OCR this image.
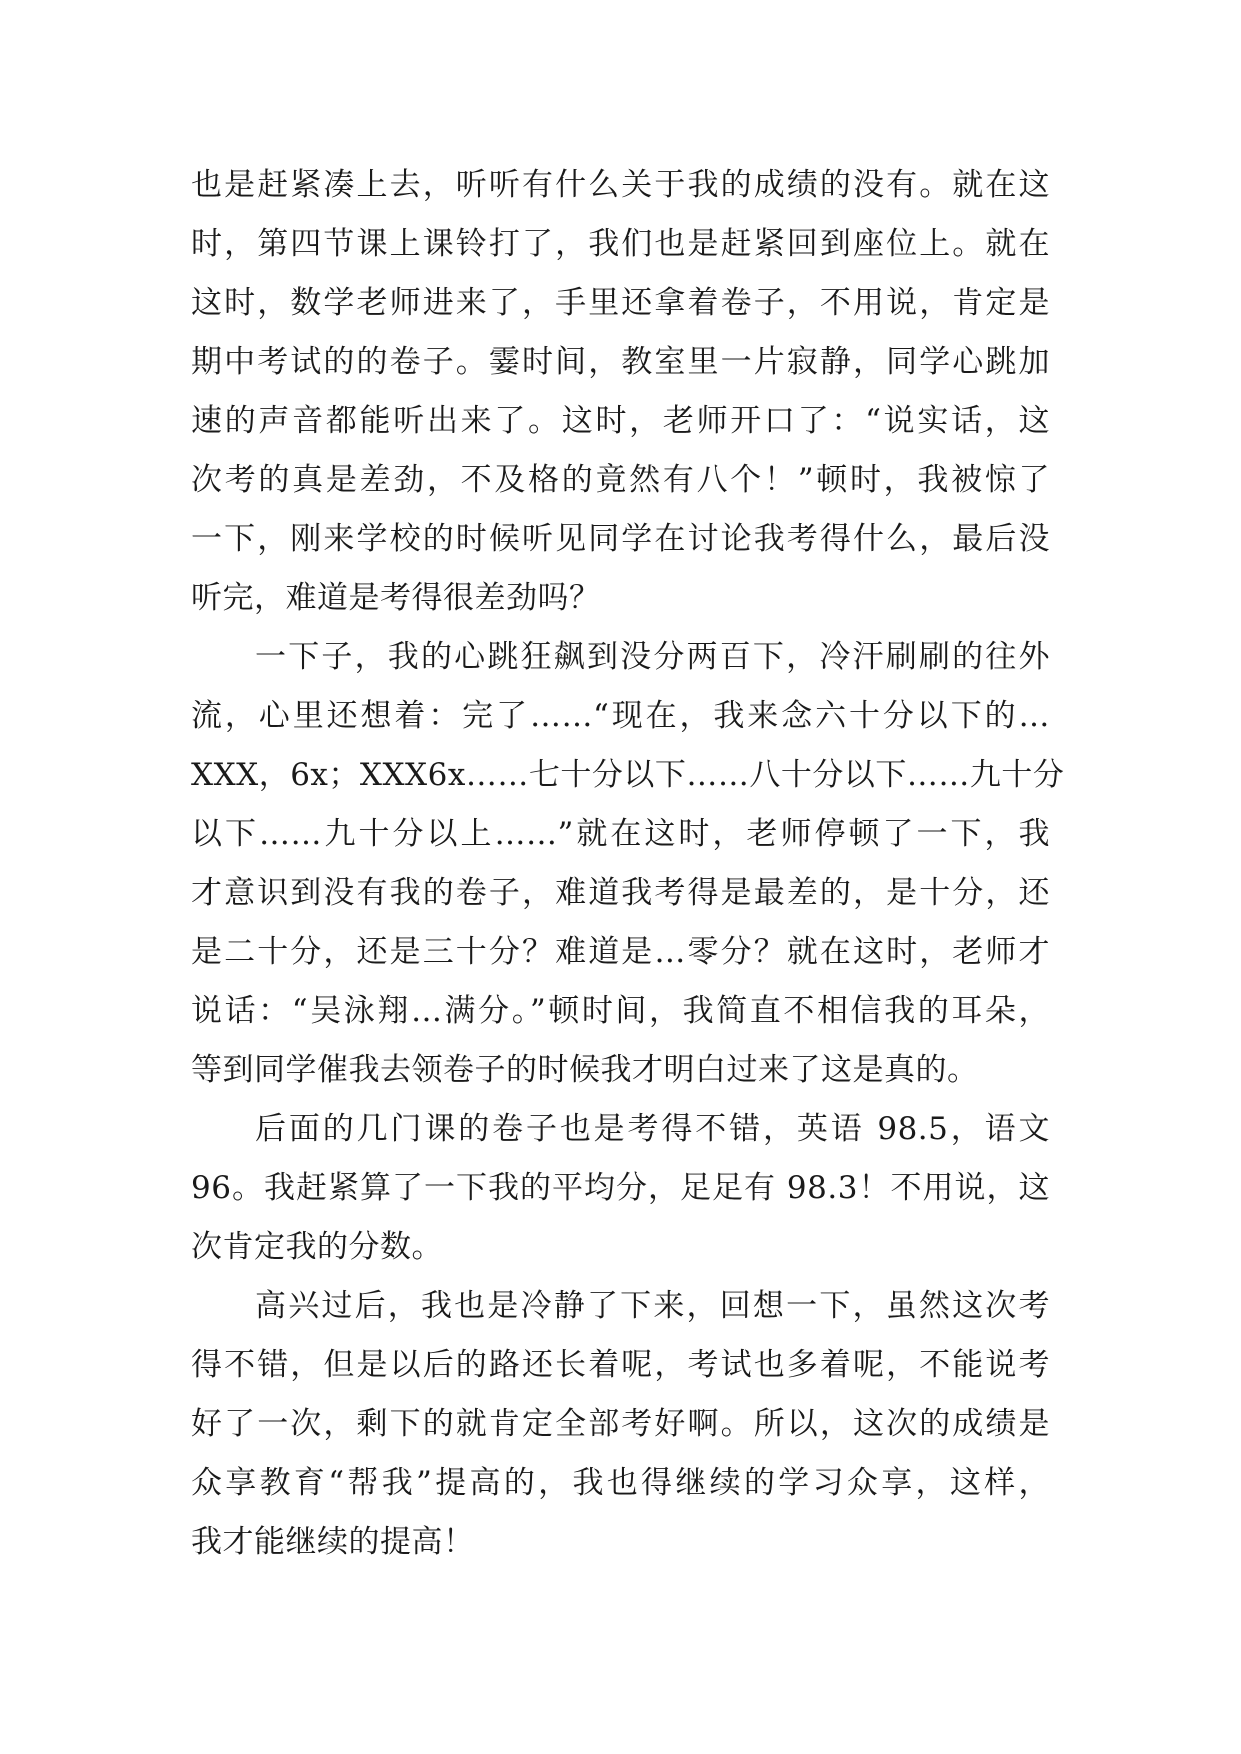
也是赶紧凑上去，听听有什么关于我的成绩的没有。就在这
时，第四节课上课铃打了，我们也是赶紧回到座位上。就在
这时，数学老师进来了，手里还拿着卷子，不用说，肯定是
期中考试的的卷子。霎时间，教室里一片寂静，同学心跳加
速的声音都能听出来了。这时，老师开口了：“说实话，这
次考的真是差劲，不及格的竟然有八个！”顿时，我被惊了
一下，刚来学校的时候听见同学在讨论我考得什么，最后没
听完，难道是考得很差劲吗？

一下子，我的心跳狂飙到没分两百下，冷汗刷刷的往外
流，心里还想着：完了……“现在，我来念六十分以下的…
XXX，6x；XXX6x……七十分以下……八十分以下……九十分
以下……九十分以上……”就在这时，老师停顿了一下，我
才意识到没有我的卷子，难道我考得是最差的，是十分，还
是二十分，还是三十分？难道是…零分？就在这时，老师才
说话：“吴泳翔…满分。”顿时间，我简直不相信我的耳朵，
等到同学催我去领卷子的时候我才明白过来了这是真的。

后面的几门课的卷子也是考得不错，英语 98.5，语文
96。我赶紧算了一下我的平均分，足足有 98.3！不用说，这
次肯定我的分数。

高兴过后，我也是冷静了下来，回想一下，虽然这次考
得不错，但是以后的路还长着呢，考试也多着呢，不能说考
好了一次，剩下的就肯定全部考好啊。所以，这次的成绩是
众享教育“帮我”提高的，我也得继续的学习众享，这样，
我才能继续的提高！
